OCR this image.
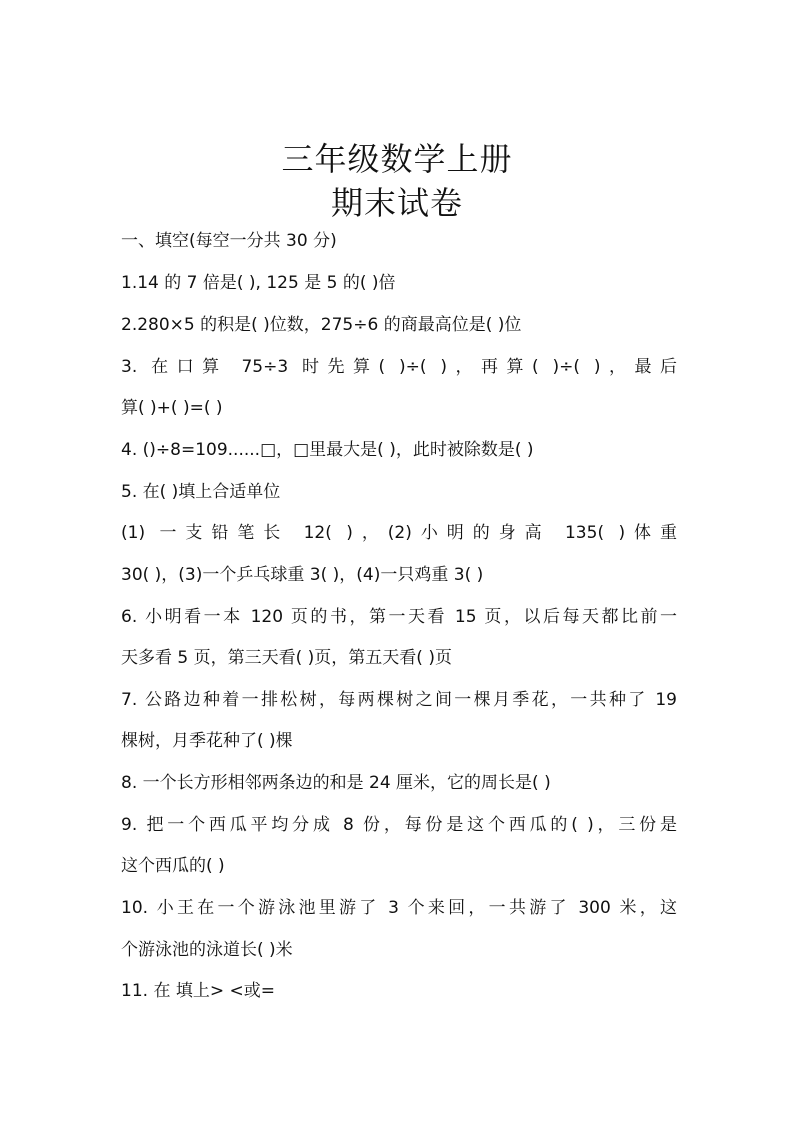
三年级数学上册
期末试卷
一、填空(每空一分共 30 分)
1.14 的 7 倍是( ), 125 是 5 的( )倍
2.280×5 的积是( )位数，275÷6 的商最高位是( )位
3. 在口算 75÷3 时先算( )÷( )，再算( )÷( )，最后
算( )+( )=( )
4. ()÷8=109......□，□里最大是( )，此时被除数是( )
5. 在( )填上合适单位
(1) 一支铅笔长 12( )，(2)小明的身高 135( )体重
30( )，(3)一个乒乓球重 3( )，(4)一只鸡重 3( )
6. 小明看一本 120 页的书，第一天看 15 页，以后每天都比前一
天多看 5 页，第三天看( )页，第五天看( )页
7. 公路边种着一排松树，每两棵树之间一棵月季花，一共种了 19
棵树，月季花种了( )棵
8. 一个长方形相邻两条边的和是 24 厘米，它的周长是( )
9. 把一个西瓜平均分成 8 份，每份是这个西瓜的( )，三份是
这个西瓜的( )
10. 小王在一个游泳池里游了 3 个来回，一共游了 300 米，这
个游泳池的泳道长( )米
11. 在 填上> <或=
